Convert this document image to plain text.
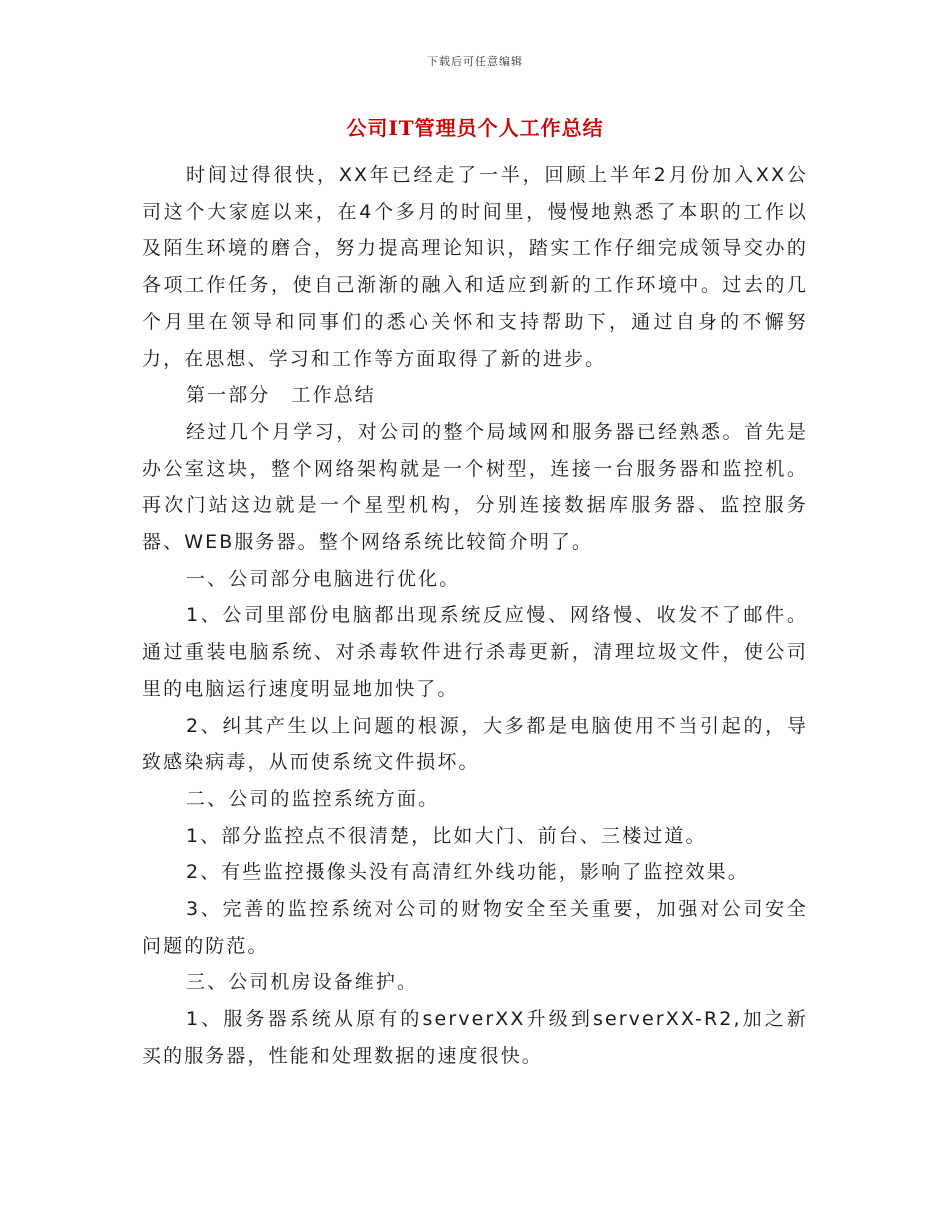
下载后可任意编辑
公司IT管理员个人工作总结

时间过得很快，XX年已经走了一半，回顾上半年2月份加入XX公司这个大家庭以来，在4个多月的时间里，慢慢地熟悉了本职的工作以及陌生环境的磨合，努力提高理论知识，踏实工作仔细完成领导交办的各项工作任务，使自己渐渐的融入和适应到新的工作环境中。过去的几个月里在领导和同事们的悉心关怀和支持帮助下，通过自身的不懈努力，在思想、学习和工作等方面取得了新的进步。

第一部分　工作总结

经过几个月学习，对公司的整个局域网和服务器已经熟悉。首先是办公室这块，整个网络架构就是一个树型，连接一台服务器和监控机。再次门站这边就是一个星型机构，分别连接数据库服务器、监控服务器、WEB服务器。整个网络系统比较简介明了。

一、公司部分电脑进行优化。

1、公司里部份电脑都出现系统反应慢、网络慢、收发不了邮件。通过重装电脑系统、对杀毒软件进行杀毒更新，清理垃圾文件，使公司里的电脑运行速度明显地加快了。

2、纠其产生以上问题的根源，大多都是电脑使用不当引起的，导致感染病毒，从而使系统文件损坏。

二、公司的监控系统方面。

1、部分监控点不很清楚，比如大门、前台、三楼过道。

2、有些监控摄像头没有高清红外线功能，影响了监控效果。

3、完善的监控系统对公司的财物安全至关重要，加强对公司安全问题的防范。

三、公司机房设备维护。

1、服务器系统从原有的serverXX升级到serverXX-R2,加之新买的服务器，性能和处理数据的速度很快。
